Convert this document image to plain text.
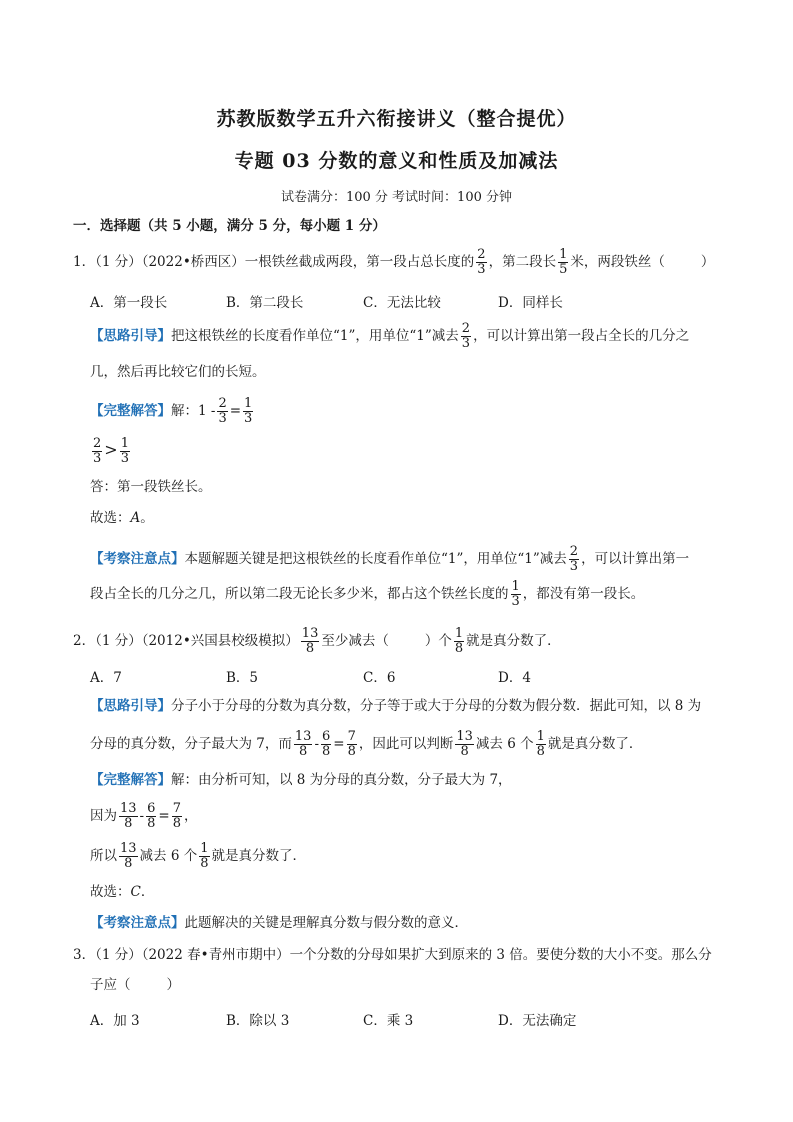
苏教版数学五升六衔接讲义（整合提优）
专题 03 分数的意义和性质及加减法
试卷满分：100 分 考试时间：100 分钟
一．选择题（共 5 小题，满分 5 分，每小题 1 分）
1．（1 分）（2022•桥西区）一根铁丝截成两段，第一段占总长度的 $\frac{2}{3}$ ，第二段长 $\frac{1}{5}$ 米，两段铁丝（	）
A．第一段长	B．第二段长	C．无法比较	D．同样长
【思路引导】把这根铁丝的长度看作单位“1”，用单位“1”减去 $\frac{2}{3}$ ，可以计算出第一段占全长的几分之
几，然后再比较它们的长短。
【完整解答】解：$1 - \frac{2}{3} = \frac{1}{3}$
$\frac{2}{3} > \frac{1}{3}$
答：第一段铁丝长。
故选：A。
【考察注意点】本题解题关键是把这根铁丝的长度看作单位“1”，用单位“1”减去 $\frac{2}{3}$ ，可以计算出第一
段占全长的几分之几，所以第二段无论长多少米，都占这个铁丝长度的 $\frac{1}{3}$ ，都没有第一段长。
2．（1 分）（2012•兴国县校级模拟） $\frac{13}{8}$ 至少减去（	）个 $\frac{1}{8}$ 就是真分数了．
A．7	B．5	C．6	D．4
【思路引导】分子小于分母的分数为真分数，分子等于或大于分母的分数为假分数．据此可知，以 8 为
分母的真分数，分子最大为 7，而 $\frac{13}{8} - \frac{6}{8} = \frac{7}{8}$ ，因此可以判断 $\frac{13}{8}$ 减去 6 个 $\frac{1}{8}$ 就是真分数了．
【完整解答】解：由分析可知，以 8 为分母的真分数，分子最大为 7，
因为 $\frac{13}{8} - \frac{6}{8} = \frac{7}{8}$ ，
所以 $\frac{13}{8}$ 减去 6 个 $\frac{1}{8}$ 就是真分数了．
故选：C．
【考察注意点】此题解决的关键是理解真分数与假分数的意义．
3．（1 分）（2022 春•青州市期中）一个分数的分母如果扩大到原来的 3 倍。要使分数的大小不变。那么分
子应（	）
A．加 3	B．除以 3	C．乘 3	D．无法确定
